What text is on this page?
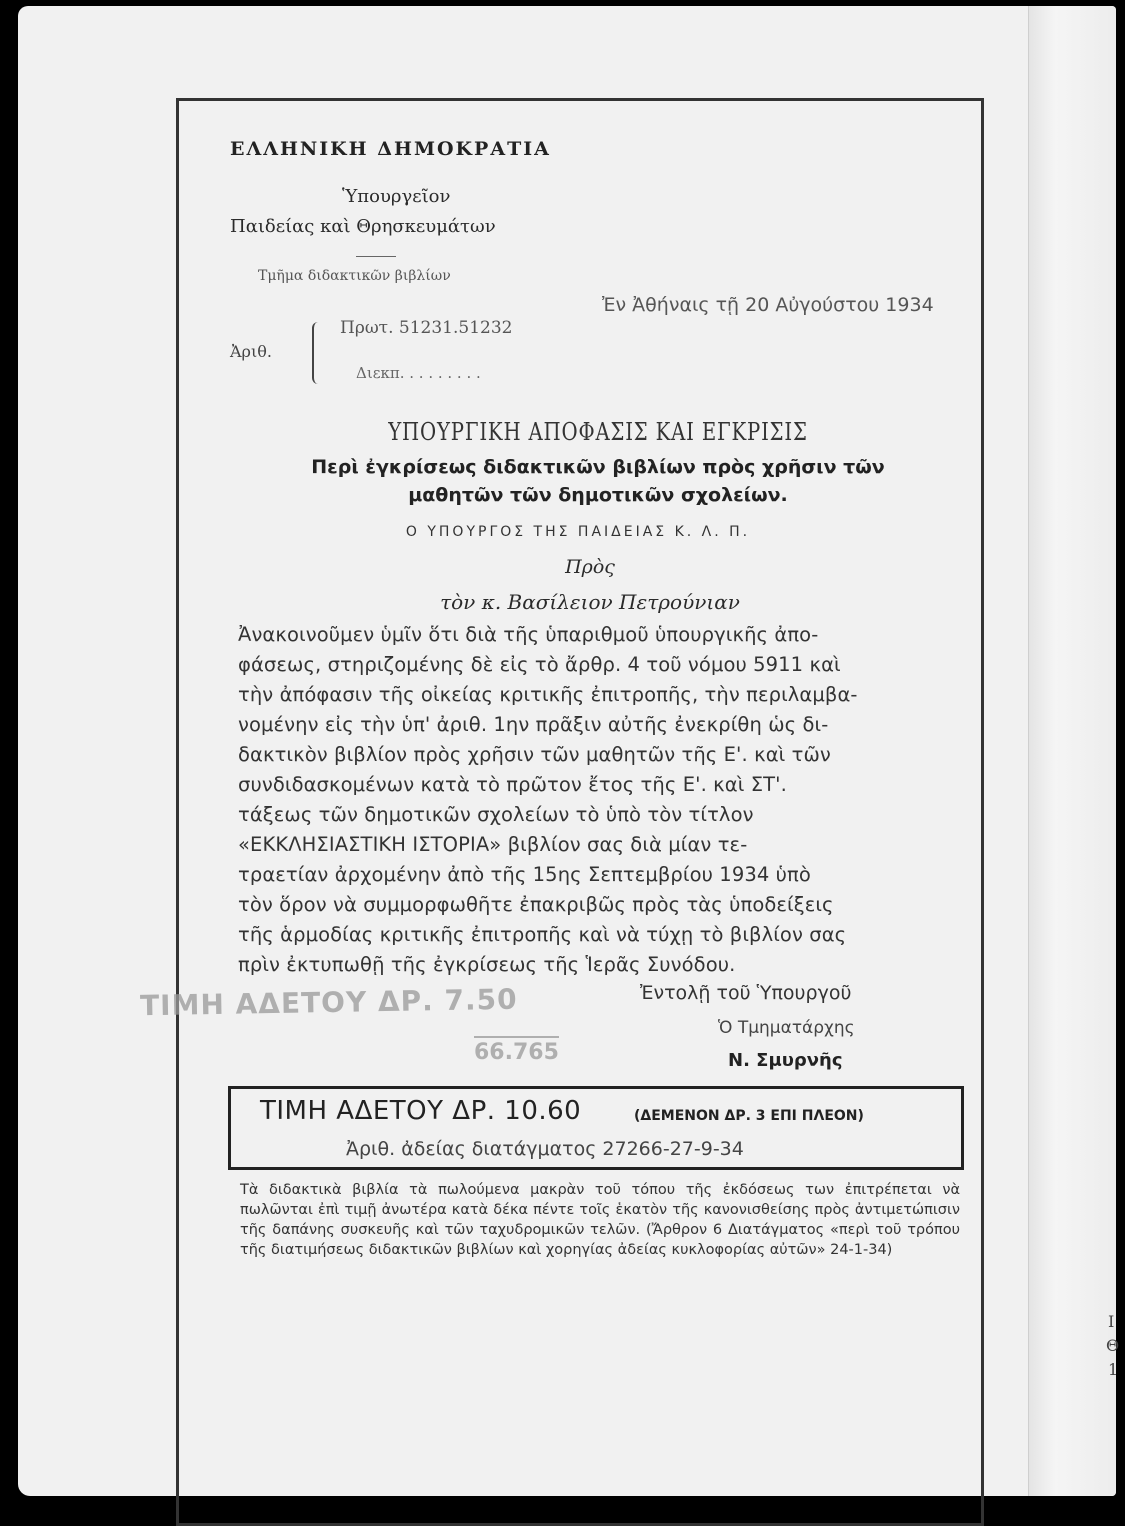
ΕΛΛΗΝΙΚΗ ΔΗΜΟΚΡΑΤΙΑ
Ὑπουργεῖον
Παιδείας καὶ Θρησκευμάτων
Τμῆμα διδακτικῶν βιβλίων
Ἐν Ἀθήναις τῇ 20 Αὐγούστου 1934
Ἀριθ.
Πρωτ. 51231.51232
Διεκπ. . . . . . . . .
ΥΠΟΥΡΓΙΚΗ ΑΠΟΦΑΣΙΣ ΚΑΙ ΕΓΚΡΙΣΙΣ
Περὶ ἐγκρίσεως διδακτικῶν βιβλίων πρὸς χρῆσιν τῶν
μαθητῶν τῶν δημοτικῶν σχολείων.
Ο ΥΠΟΥΡΓΟΣ ΤΗΣ ΠΑΙΔΕΙΑΣ Κ. Λ. Π.
Πρὸς
τὸν κ. Βασίλειον Πετρούνιαν
Ἀνακοινοῦμεν ὑμῖν ὅτι διὰ τῆς ὑπαριθμοῦ ὑπουργικῆς ἀπο-
φάσεως, στηριζομένης δὲ εἰς τὸ ἄρθρ. 4 τοῦ νόμου 5911 καὶ
τὴν ἀπόφασιν τῆς οἰκείας κριτικῆς ἐπιτροπῆς, τὴν περιλαμβα-
νομένην εἰς τὴν ὑπ' ἀριθ. 1ην πρᾶξιν αὐτῆς ἐνεκρίθη ὡς δι-
δακτικὸν βιβλίον πρὸς χρῆσιν τῶν μαθητῶν τῆς Ε'. καὶ τῶν
συνδιδασκομένων κατὰ τὸ πρῶτον ἔτος τῆς Ε'. καὶ ΣΤ'.
τάξεως τῶν δημοτικῶν σχολείων τὸ ὑπὸ τὸν τίτλον
«ΕΚΚΛΗΣΙΑΣΤΙΚΗ ΙΣΤΟΡΙΑ» βιβλίον σας διὰ μίαν τε-
τραετίαν ἀρχομένην ἀπὸ τῆς 15ης Σεπτεμβρίου 1934 ὑπὸ
τὸν ὅρον νὰ συμμορφωθῆτε ἐπακριβῶς πρὸς τὰς ὑποδείξεις
τῆς ἁρμοδίας κριτικῆς ἐπιτροπῆς καὶ νὰ τύχῃ τὸ βιβλίον σας
πρὶν ἐκτυπωθῇ τῆς ἐγκρίσεως τῆς Ἱερᾶς Συνόδου.
Ἐντολῇ τοῦ Ὑπουργοῦ
Ὁ Τμηματάρχης
Ν. Σμυρνῆς
ΤΙΜΗ ΑΔΕΤΟΥ ΔΡ. 7.50
66.765
ΤΙΜΗ ΑΔΕΤΟΥ ΔΡ. 10.60	(ΔΕΜΕΝΟΝ ΔΡ. 3 ΕΠΙ ΠΛΕΟΝ)
Ἀριθ. ἀδείας διατάγματος 27266-27-9-34
Τὰ διδακτικὰ βιβλία τὰ πωλούμενα μακρὰν τοῦ τόπου τῆς ἐκδόσεως των ἐπιτρέπεται νὰ πωλῶνται ἐπὶ τιμῇ ἀνωτέρα κατὰ δέκα πέντε τοῖς ἑκατὸν τῆς κανονισθείσης πρὸς ἀντιμετώπισιν τῆς δαπάνης συσκευῆς καὶ τῶν ταχυδρομικῶν τελῶν. (Ἄρθρον 6 Διατάγματος «περὶ τοῦ τρόπου τῆς διατιμήσεως διδακτικῶν βιβλίων καὶ χορηγίας ἀδείας κυκλοφορίας αὐτῶν» 24-1-34)
Ι
Θ
1
